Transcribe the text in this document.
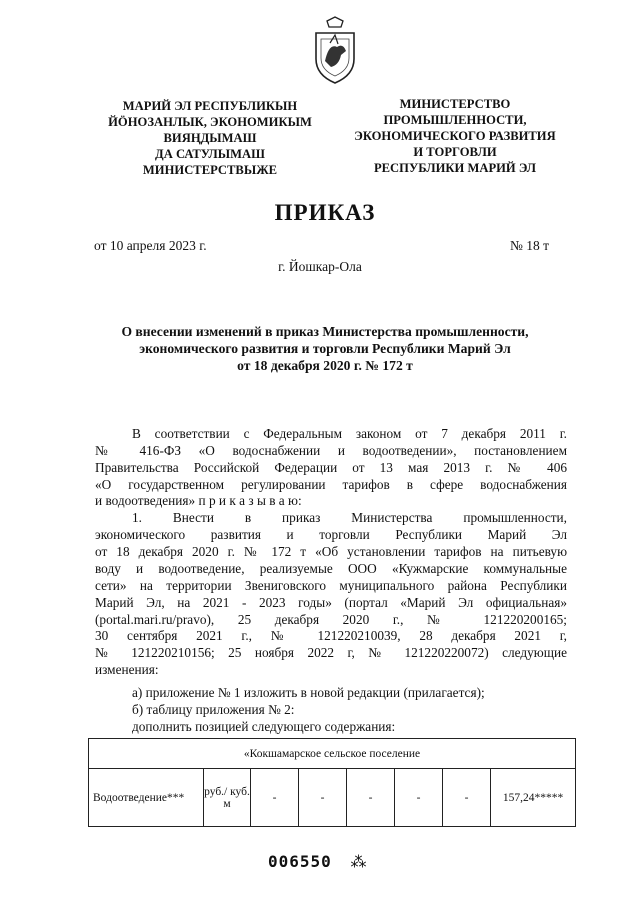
МАРИЙ ЭЛ РЕСПУБЛИКЫН
ЙӦНОЗАНЛЫК, ЭКОНОМИКЫМ
ВИЯҢДЫМАШ
ДА САТУЛЫМАШ
МИНИСТЕРСТВЫЖЕ
МИНИСТЕРСТВО
ПРОМЫШЛЕННОСТИ,
ЭКОНОМИЧЕСКОГО РАЗВИТИЯ
И ТОРГОВЛИ
РЕСПУБЛИКИ МАРИЙ ЭЛ
ПРИКАЗ
от 10 апреля 2023 г.	№ 18 т
г. Йошкар-Ола
О внесении изменений в приказ Министерства промышленности,
экономического развития и торговли Республики Марий Эл
от 18 декабря 2020 г. № 172 т
В соответствии с Федеральным законом от 7 декабря 2011 г.
№ 416-ФЗ «О водоснабжении и водоотведении», постановлением
Правительства Российской Федерации от 13 мая 2013 г. № 406
«О государственном регулировании тарифов в сфере водоснабжения
и водоотведения» п р и к а з ы в а ю:
1. Внести в приказ Министерства промышленности,
экономического развития и торговли Республики Марий Эл
от 18 декабря 2020 г. № 172 т «Об установлении тарифов на питьевую
воду и водоотведение, реализуемые ООО «Кужмарские коммунальные
сети» на территории Звениговского муниципального района Республики
Марий Эл, на 2021 - 2023 годы» (портал «Марий Эл официальная»
(portal.mari.ru/pravo), 25 декабря 2020 г., № 121220200165;
30 сентября 2021 г., № 121220210039, 28 декабря 2021 г,
№ 121220210156; 25 ноября 2022 г, № 121220220072) следующие
изменения:
а) приложение № 1 изложить в новой редакции (прилагается);
б) таблицу приложения № 2:
дополнить позицией следующего содержания:
«Кокшамарское сельское поселение
Водоотведение***	руб./ куб. м	-	-	-	-	-	157,24*****
006550 ⁂
